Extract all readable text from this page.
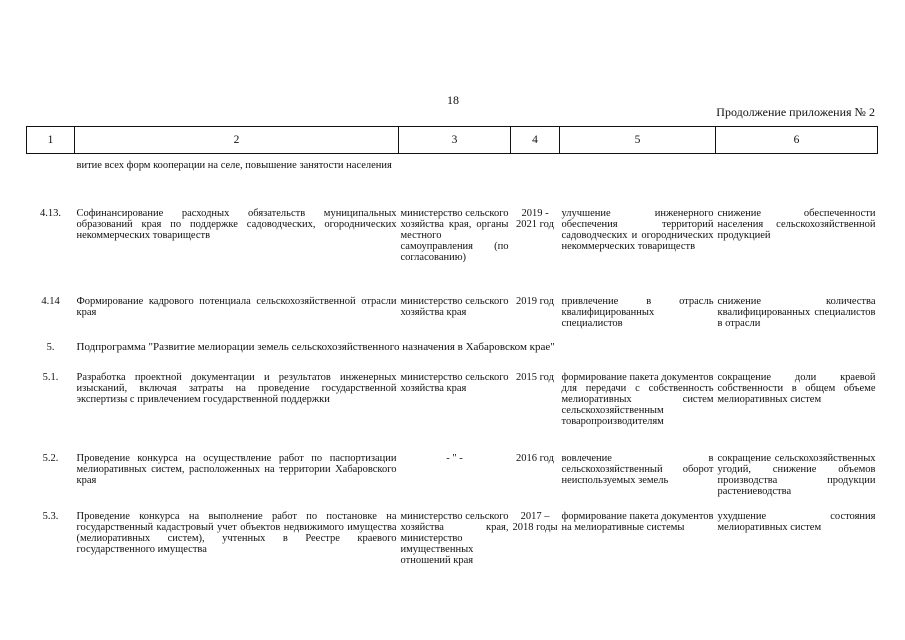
18
Продолжение приложения № 2
1	2	3	4	5	6
	витие всех форм кооперации на селе, повышение занятости населения				
4.13.	Софинансирование расходных обязательств муниципальных образований края по поддержке садоводческих, огороднических некоммерческих товариществ	министерство сельского хозяйства края, органы местного самоуправления (по согласованию)	2019 - 2021 год	улучшение инженерного обеспечения территорий садоводческих и огороднических некоммерческих товариществ	снижение обеспеченности населения сельскохозяйственной продукцией
4.14	Формирование кадрового потенциала сельскохозяйственной отрасли края	министерство сельского хозяйства края	2019 год	привлечение в отрасль квалифицированных специалистов	снижение количества квалифицированных специалистов в отрасли
5.	Подпрограмма "Развитие мелиорации земель сельскохозяйственного назначения в Хабаровском крае"				
5.1.	Разработка проектной документации и результатов инженерных изысканий, включая затраты на проведение государственной экспертизы с привлечением государственной поддержки	министерство сельского хозяйства края	2015 год	формирование пакета документов для передачи с собственность мелиоративных систем сельскохозяйственным товаропроизводителям	сокращение доли краевой собственности в общем объеме мелиоративных систем
5.2.	Проведение конкурса на осуществление работ по паспортизации мелиоративных систем, расположенных на территории Хабаровского края	- " -	2016 год	вовлечение в сельскохозяйственный оборот неиспользуемых земель	сокращение сельскохозяйственных угодий, снижение объемов производства продукции растениеводства
5.3.	Проведение конкурса на выполнение работ по постановке на государственный кадастровый учет объектов недвижимого имущества (мелиоративных систем), учтенных в Реестре краевого государственного имущества	министерство сельского хозяйства края, министерство имущественных отношений края	2017 – 2018 годы	формирование пакета документов на мелиоративные системы	ухудшение состояния мелиоративных систем
